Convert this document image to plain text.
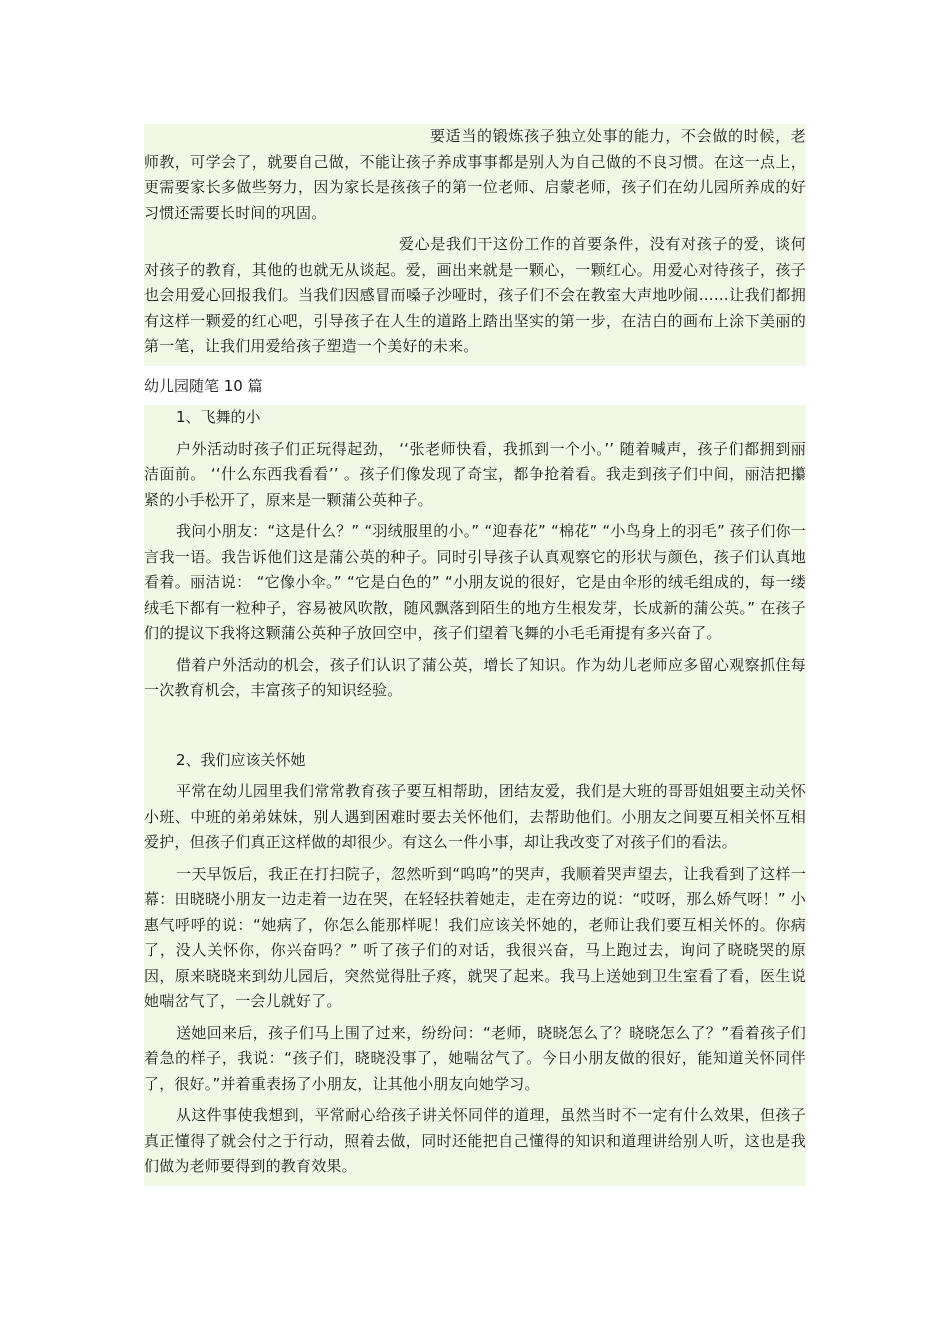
要适当的锻炼孩子独立处事的能力，不会做的时候，老师教，可学会了，就要自己做，不能让孩子养成事事都是别人为自己做的不良习惯。在这一点上，更需要家长多做些努力，因为家长是孩孩子的第一位老师、启蒙老师，孩子们在幼儿园所养成的好习惯还需要长时间的巩固。

爱心是我们干这份工作的首要条件，没有对孩子的爱，谈何对孩子的教育，其他的也就无从谈起。爱，画出来就是一颗心，一颗红心。用爱心对待孩子，孩子也会用爱心回报我们。当我们因感冒而嗓子沙哑时，孩子们不会在教室大声地吵闹……让我们都拥有这样一颗爱的红心吧，引导孩子在人生的道路上踏出坚实的第一步，在洁白的画布上涂下美丽的第一笔，让我们用爱给孩子塑造一个美好的未来。

幼儿园随笔 10 篇
1、飞舞的小

户外活动时孩子们正玩得起劲， ‘‘张老师快看，我抓到一个小。’’ 随着喊声，孩子们都拥到丽洁面前。 ‘‘什么东西我看看’’ 。孩子们像发现了奇宝，都争抢着看。我走到孩子们中间，丽洁把攥紧的小手松开了，原来是一颗蒲公英种子。

我问小朋友：“这是什么？” “羽绒服里的小。” “迎春花” “棉花” “小鸟身上的羽毛” 孩子们你一言我一语。我告诉他们这是蒲公英的种子。同时引导孩子认真观察它的形状与颜色，孩子们认真地看着。丽洁说： “它像小伞。” “它是白色的” “小朋友说的很好，它是由伞形的绒毛组成的，每一缕绒毛下都有一粒种子，容易被风吹散，随风飘落到陌生的地方生根发芽，长成新的蒲公英。” 在孩子们的提议下我将这颗蒲公英种子放回空中，孩子们望着飞舞的小毛毛甭提有多兴奋了。

借着户外活动的机会，孩子们认识了蒲公英，增长了知识。作为幼儿老师应多留心观察抓住每一次教育机会，丰富孩子的知识经验。

2、我们应该关怀她

平常在幼儿园里我们常常教育孩子要互相帮助，团结友爱，我们是大班的哥哥姐姐要主动关怀小班、中班的弟弟妹妹，别人遇到困难时要去关怀他们，去帮助他们。小朋友之间要互相关怀互相爱护，但孩子们真正这样做的却很少。有这么一件小事，却让我改变了对孩子们的看法。

一天早饭后，我正在打扫院子，忽然听到“呜呜”的哭声，我顺着哭声望去，让我看到了这样一幕：田晓晓小朋友一边走着一边在哭，在轻轻扶着她走，走在旁边的说：“哎呀，那么娇气呀！” 小惠气呼呼的说：“她病了，你怎么能那样呢！我们应该关怀她的，老师让我们要互相关怀的。你病了，没人关怀你，你兴奋吗？” 听了孩子们的对话，我很兴奋，马上跑过去，询问了晓晓哭的原因，原来晓晓来到幼儿园后，突然觉得肚子疼，就哭了起来。我马上送她到卫生室看了看，医生说她喘岔气了，一会儿就好了。

送她回来后，孩子们马上围了过来，纷纷问：“老师，晓晓怎么了？晓晓怎么了？”看着孩子们着急的样子，我说：“孩子们，晓晓没事了，她喘岔气了。今日小朋友做的很好，能知道关怀同伴了，很好。”并着重表扬了小朋友，让其他小朋友向她学习。

从这件事使我想到，平常耐心给孩子讲关怀同伴的道理，虽然当时不一定有什么效果，但孩子真正懂得了就会付之于行动，照着去做，同时还能把自己懂得的知识和道理讲给别人听，这也是我们做为老师要得到的教育效果。
